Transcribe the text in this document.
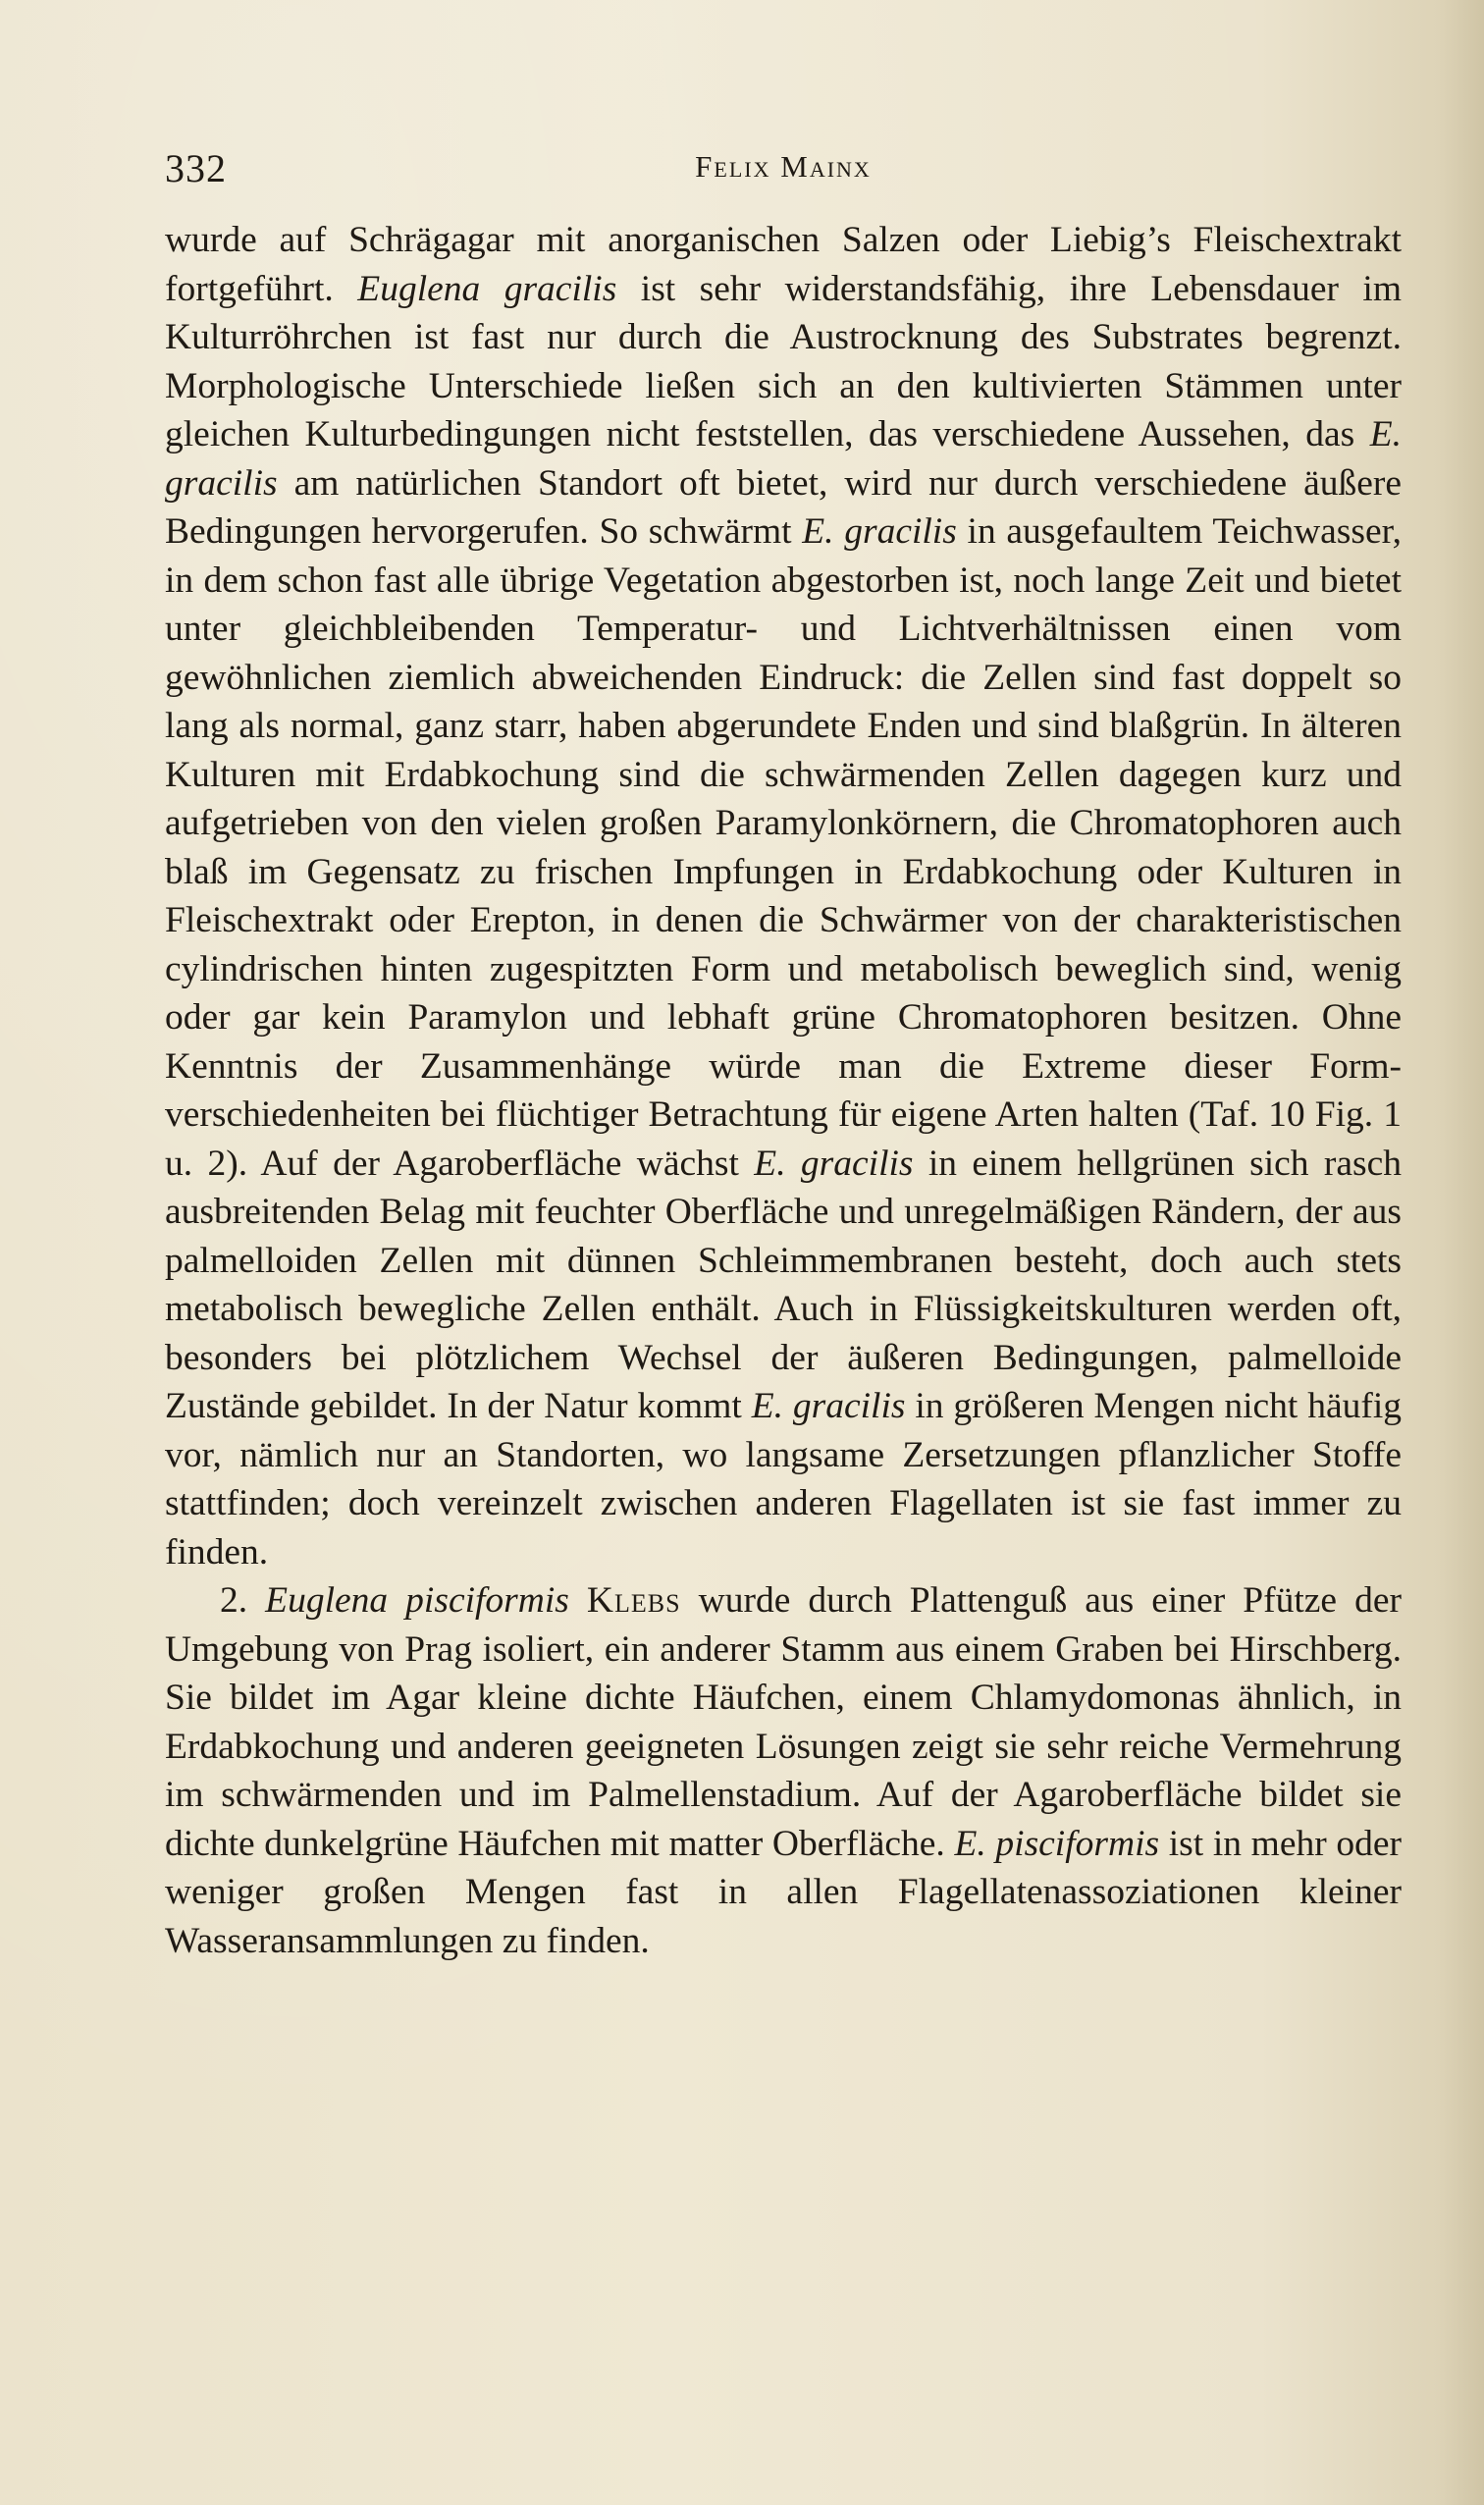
332	Felix Mainx

wurde auf Schrägagar mit anorganischen Salzen oder Liebig’s Fleischextrakt fortgeführt. Euglena gracilis ist sehr widerstandsfähig, ihre Lebensdauer im Kulturröhrchen ist fast nur durch die Austrocknung des Substrates begrenzt. Morphologische Unterschiede ließen sich an den kultivierten Stämmen unter gleichen Kulturbedingungen nicht feststellen, das verschiedene Aussehen, das E. gracilis am natürlichen Standort oft bietet, wird nur durch verschiedene äußere Bedingungen hervorgerufen. So schwärmt E. gracilis in ausgefaultem Teichwasser, in dem schon fast alle übrige Vegetation abgestorben ist, noch lange Zeit und bietet unter gleichbleibenden Temperatur- und Lichtverhältnissen einen vom gewöhnlichen ziemlich abweichenden Eindruck: die Zellen sind fast doppelt so lang als normal, ganz starr, haben abgerundete Enden und sind blaßgrün. In älteren Kulturen mit Erdabkochung sind die schwärmenden Zellen dagegen kurz und aufgetrieben von den vielen großen Paramylonkörnern, die Chromatophoren auch blaß im Gegensatz zu frischen Impfungen in Erdabkochung oder Kulturen in Fleischextrakt oder Erepton, in denen die Schwärmer von der charakteristischen cylindrischen hinten zugespitzten Form und metabolisch beweglich sind, wenig oder gar kein Paramylon und lebhaft grüne Chromatophoren besitzen. Ohne Kenntnis der Zusammenhänge würde man die Extreme dieser Formverschiedenheiten bei flüchtiger Betrachtung für eigene Arten halten (Taf. 10 Fig. 1 u. 2). Auf der Agaroberfläche wächst E. gracilis in einem hellgrünen sich rasch ausbreitenden Belag mit feuchter Oberfläche und unregelmäßigen Rändern, der aus palmelloiden Zellen mit dünnen Schleimmembranen besteht, doch auch stets metabolisch bewegliche Zellen enthält. Auch in Flüssigkeitskulturen werden oft, besonders bei plötzlichem Wechsel der äußeren Bedingungen, palmelloide Zustände gebildet. In der Natur kommt E. gracilis in größeren Mengen nicht häufig vor, nämlich nur an Standorten, wo langsame Zersetzungen pflanzlicher Stoffe stattfinden; doch vereinzelt zwischen anderen Flagellaten ist sie fast immer zu finden.

2. Euglena pisciformis Klebs wurde durch Plattenguß aus einer Pfütze der Umgebung von Prag isoliert, ein anderer Stamm aus einem Graben bei Hirschberg. Sie bildet im Agar kleine dichte Häufchen, einem Chlamydomonas ähnlich, in Erdabkochung und anderen geeigneten Lösungen zeigt sie sehr reiche Vermehrung im schwärmenden und im Palmellenstadium. Auf der Agaroberfläche bildet sie dichte dunkelgrüne Häufchen mit matter Oberfläche. E. pisciformis ist in mehr oder weniger großen Mengen fast in allen Flagellatenassoziationen kleiner Wasseransammlungen zu finden.
